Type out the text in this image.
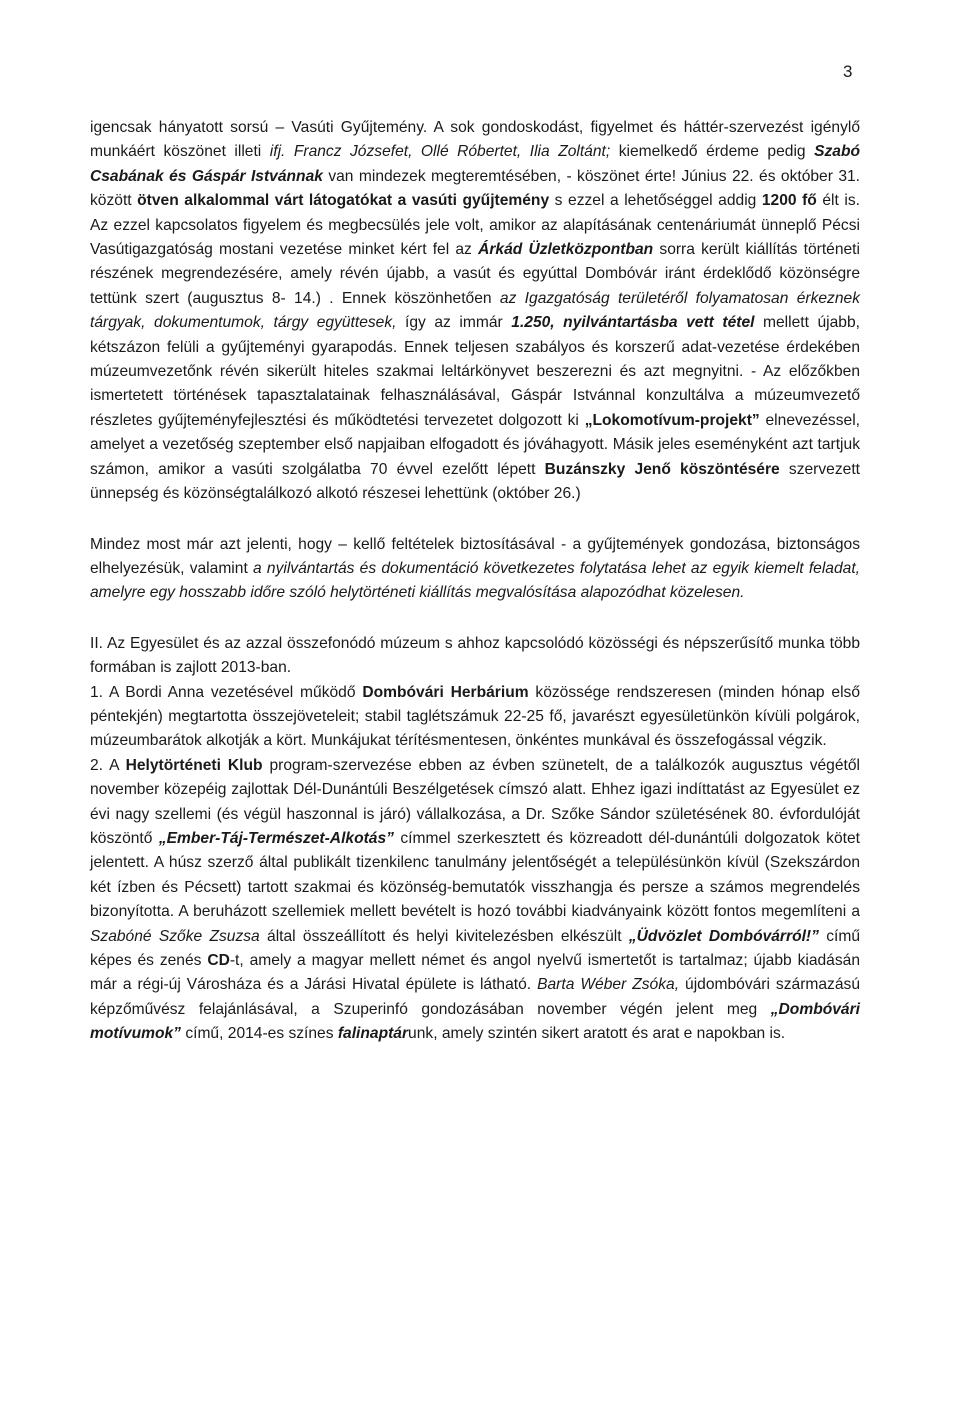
3

igencsak hányatott sorsú – Vasúti Gyűjtemény. A sok gondoskodást, figyelmet és háttér-szervezést igénylő munkáért köszönet illeti ifj. Francz Józsefet, Ollé Róbertet, Ilia Zoltánt; kiemelkedő érdeme pedig Szabó Csabának és Gáspár Istvánnak van mindezek megteremtésében, - köszönet érte! Június 22. és október 31. között ötven alkalommal várt látogatókat a vasúti gyűjtemény s ezzel a lehetőséggel addig 1200 fő élt is. Az ezzel kapcsolatos figyelem és megbecsülés jele volt, amikor az alapításának centenáriumát ünneplő Pécsi Vasútigazgatóság mostani vezetése minket kért fel az Árkád Üzletközpontban sorra került kiállítás történeti részének megrendezésére, amely révén újabb, a vasút és egyúttal Dombóvár iránt érdeklődő közönségre tettünk szert (augusztus 8- 14.) . Ennek köszönhetően az Igazgatóság területéről folyamatosan érkeznek tárgyak, dokumentumok, tárgy együttesek, így az immár 1.250, nyilvántartásba vett tétel mellett újabb, kétszázon felüli a gyűjteményi gyarapodás. Ennek teljesen szabályos és korszerű adat-vezetése érdekében múzeumvezetőnk révén sikerült hiteles szakmai leltárkönyvet beszerezni és azt megnyitni. - Az előzőkben ismertetett történések tapasztalatainak felhasználásával, Gáspár Istvánnal konzultálva a múzeumvezető részletes gyűjteményfejlesztési és működtetési tervezetet dolgozott ki „Lokomotívum-projekt” elnevezéssel, amelyet a vezetőség szeptember első napjaiban elfogadott és jóváhagyott. Másik jeles eseményként azt tartjuk számon, amikor a vasúti szolgálatba 70 évvel ezelőtt lépett Buzánszky Jenő köszöntésére szervezett ünnepség és közönségtalálkozó alkotó részesei lehettünk (október 26.)

Mindez most már azt jelenti, hogy – kellő feltételek biztosításával - a gyűjtemények gondozása, biztonságos elhelyezésük, valamint a nyilvántartás és dokumentáció következetes folytatása lehet az egyik kiemelt feladat, amelyre egy hosszabb időre szóló helytörténeti kiállítás megvalósítása alapozódhat közelesen.

II. Az Egyesület és az azzal összefonódó múzeum s ahhoz kapcsolódó közösségi és népszerűsítő munka több formában is zajlott 2013-ban.

1. A Bordi Anna vezetésével működő Dombóvári Herbárium közössége rendszeresen (minden hónap első péntekjén) megtartotta összejöveteleit; stabil taglétszámuk 22-25 fő, javarészt egyesületünkön kívüli polgárok, múzeumbarátok alkotják a kört. Munkájukat térítésmentesen, önkéntes munkával és összefogással végzik.

2. A Helytörténeti Klub program-szervezése ebben az évben szünetelt, de a találkozók augusztus végétől november közepéig zajlottak Dél-Dunántúli Beszélgetések címszó alatt. Ehhez igazi indíttatást az Egyesület ez évi nagy szellemi (és végül haszonnal is járó) vállalkozása, a Dr. Szőke Sándor születésének 80. évfordulóját köszöntő „Ember-Táj-Természet-Alkotás” címmel szerkesztett és közreadott dél-dunántúli dolgozatok kötet jelentett. A húsz szerző által publikált tizenkilenc tanulmány jelentőségét a településünkön kívül (Szekszárdon két ízben és Pécsett) tartott szakmai és közönség-bemutatók visszhangja és persze a számos megrendelés bizonyította. A beruházott szellemiek mellett bevételt is hozó további kiadványaink között fontos megemlíteni a Szabóné Szőke Zsuzsa által összeállított és helyi kivitelezésben elkészült „Üdvözlet Dombóvárról!” című képes és zenés CD-t, amely a magyar mellett német és angol nyelvű ismertetőt is tartalmaz; újabb kiadásán már a régi-új Városháza és a Járási Hivatal épülete is látható. Barta Wéber Zsóka, újdombóvári származású képzőművész felajánlásával, a Szuperinfó gondozásában november végén jelent meg „Dombóvári motívumok” című, 2014-es színes falinaptárunk, amely szintén sikert aratott és arat e napokban is.
